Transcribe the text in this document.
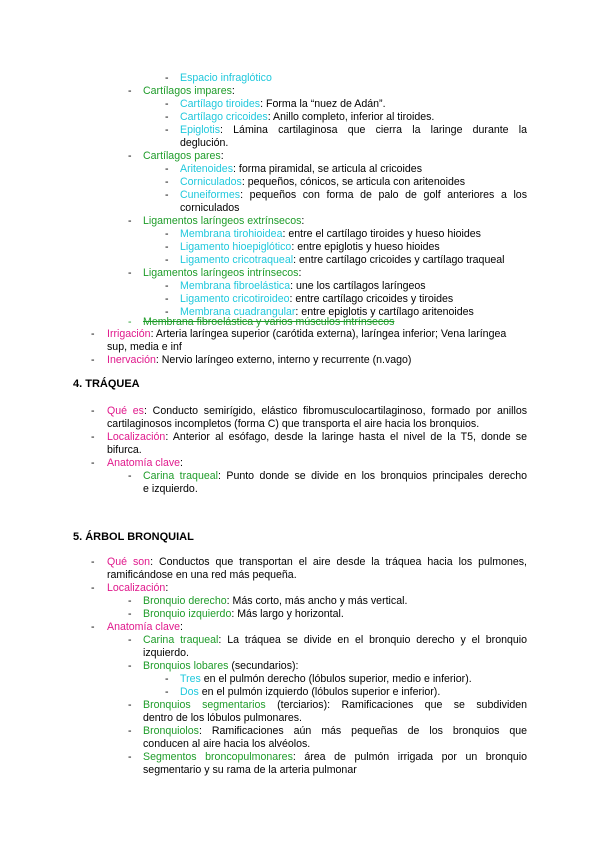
- Espacio infraglótico
- Cartílagos impares:
- Cartílago tiroides: Forma la “nuez de Adán”.
- Cartílago cricoides: Anillo completo, inferior al tiroides.
- Epiglotis: Lámina cartilaginosa que cierra la laringe durante la
deglución.
- Cartílagos pares:
- Aritenoides: forma piramidal, se articula al cricoides
- Corniculados: pequeños, cónicos, se articula con aritenoides
- Cuneiformes: pequeños con forma de palo de golf anteriores a los
corniculados
- Ligamentos laríngeos extrínsecos:
- Membrana tirohioidea: entre el cartílago tiroides y hueso hioides
- Ligamento hioepiglótico: entre epiglotis y hueso hioides
- Ligamento cricotraqueal: entre cartílago cricoides y cartílago traqueal
- Ligamentos laríngeos intrínsecos:
- Membrana fibroelástica: une los cartílagos laríngeos
- Ligamento cricotiroideo: entre cartílago cricoides y tiroides
- Membrana cuadrangular: entre epiglotis y cartílago aritenoides
- Membrana fibroelástica y varios músculos intrínsecos
- Irrigación: Arteria laríngea superior (carótida externa), laríngea inferior; Vena laríngea
sup, media e inf
- Inervación: Nervio laríngeo externo, interno y recurrente (n.vago)
4. TRÁQUEA
- Qué es: Conducto semirígido, elástico fibromusculocartilaginoso, formado por anillos
cartilaginosos incompletos (forma C) que transporta el aire hacia los bronquios.
- Localización: Anterior al esófago, desde la laringe hasta el nivel de la T5, donde se
bifurca.
- Anatomía clave:
- Carina traqueal: Punto donde se divide en los bronquios principales derecho
e izquierdo.
5. ÁRBOL BRONQUIAL
- Qué son: Conductos que transportan el aire desde la tráquea hacia los pulmones,
ramificándose en una red más pequeña.
- Localización:
- Bronquio derecho: Más corto, más ancho y más vertical.
- Bronquio izquierdo: Más largo y horizontal.
- Anatomía clave:
- Carina traqueal: La tráquea se divide en el bronquio derecho y el bronquio
izquierdo.
- Bronquios lobares (secundarios):
- Tres en el pulmón derecho (lóbulos superior, medio e inferior).
- Dos en el pulmón izquierdo (lóbulos superior e inferior).
- Bronquios segmentarios (terciarios): Ramificaciones que se subdividen
dentro de los lóbulos pulmonares.
- Bronquiolos: Ramificaciones aún más pequeñas de los bronquios que
conducen al aire hacia los alvéolos.
- Segmentos broncopulmonares: área de pulmón irrigada por un bronquio
segmentario y su rama de la arteria pulmonar
